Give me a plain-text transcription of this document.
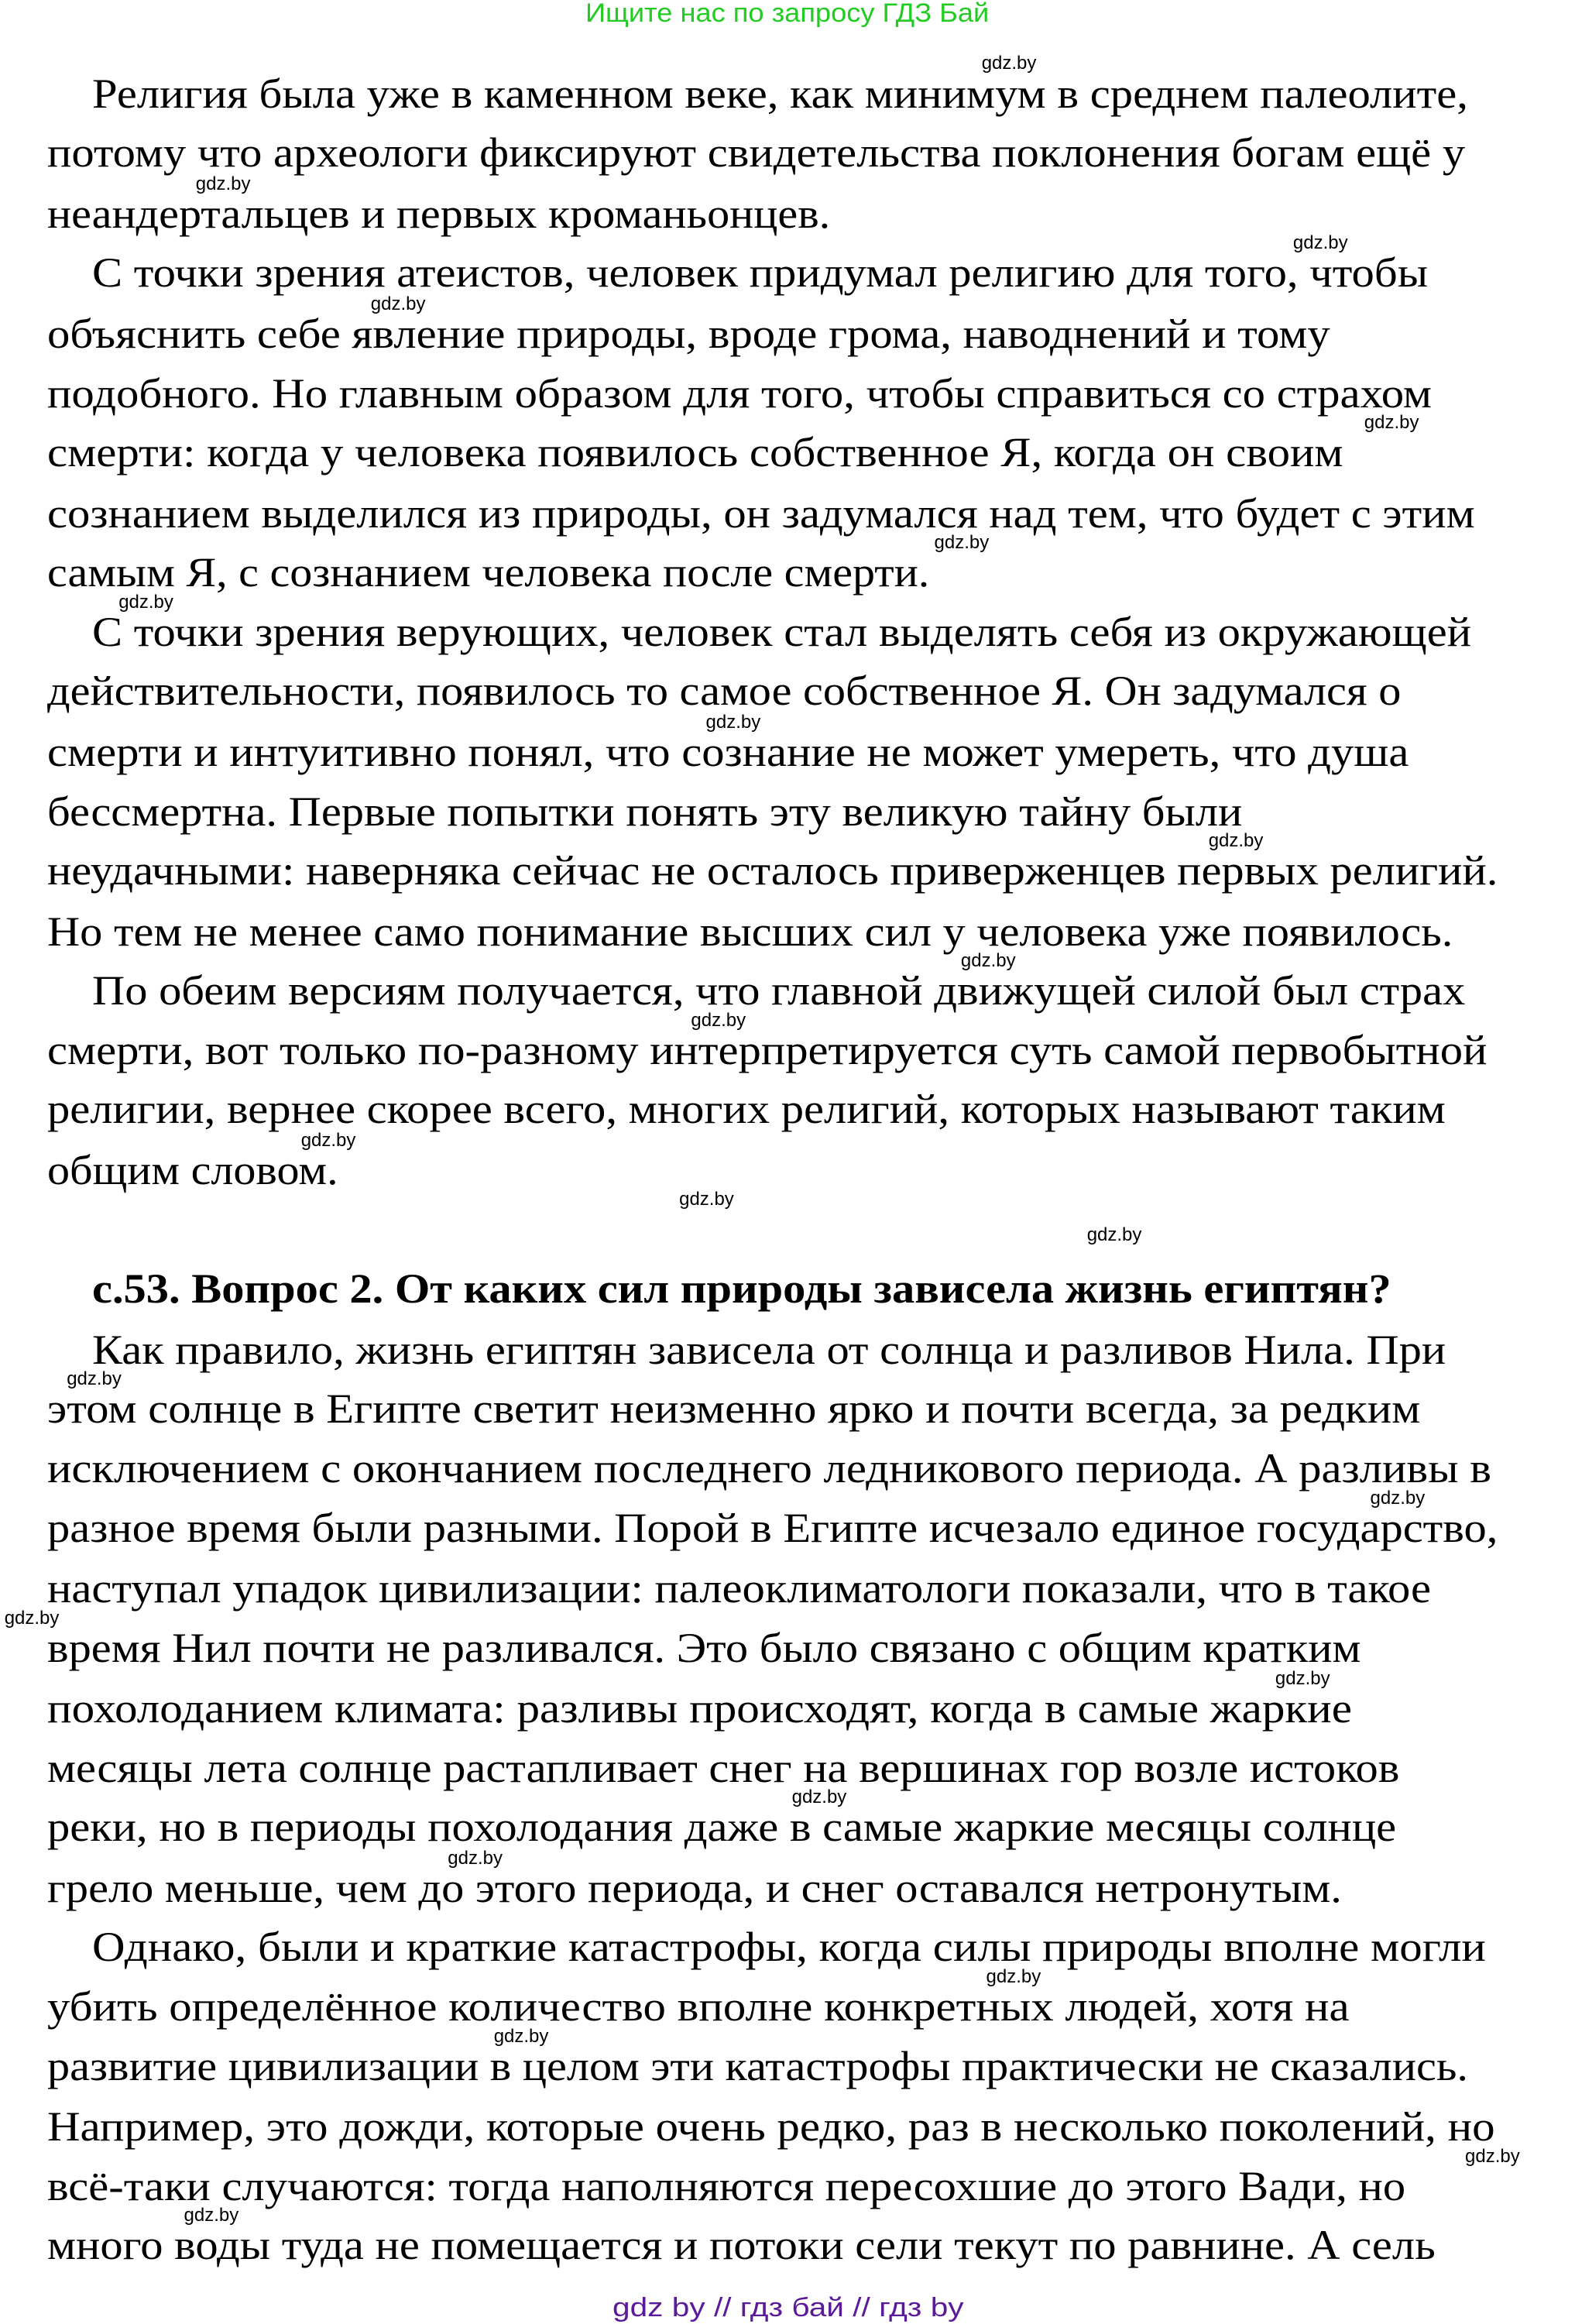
Религия была уже в каменном веке, как минимум в среднем палеолите,
потому что археологи фиксируют свидетельства поклонения богам ещё у
неандертальцев и первых кроманьонцев.
С точки зрения атеистов, человек придумал религию для того, чтобы
объяснить себе явление природы, вроде грома, наводнений и тому
подобного. Но главным образом для того, чтобы справиться со страхом
смерти: когда у человека появилось собственное Я, когда он своим
сознанием выделился из природы, он задумался над тем, что будет с этим
самым Я, с сознанием человека после смерти.
С точки зрения верующих, человек стал выделять себя из окружающей
действительности, появилось то самое собственное Я. Он задумался о
смерти и интуитивно понял, что сознание не может умереть, что душа
бессмертна. Первые попытки понять эту великую тайну были
неудачными: наверняка сейчас не осталось приверженцев первых религий.
Но тем не менее само понимание высших сил у человека уже появилось.
По обеим версиям получается, что главной движущей силой был страх
смерти, вот только по-разному интерпретируется суть самой первобытной
религии, вернее скорее всего, многих религий, которых называют таким
общим словом.
Как правило, жизнь египтян зависела от солнца и разливов Нила. При
этом солнце в Египте светит неизменно ярко и почти всегда, за редким
исключением с окончанием последнего ледникового периода. А разливы в
разное время были разными. Порой в Египте исчезало единое государство,
наступал упадок цивилизации: палеоклиматологи показали, что в такое
время Нил почти не разливался. Это было связано с общим кратким
похолоданием климата: разливы происходят, когда в самые жаркие
месяцы лета солнце растапливает снег на вершинах гор возле истоков
реки, но в периоды похолодания даже в самые жаркие месяцы солнце
грело меньше, чем до этого периода, и снег оставался нетронутым.
Однако, были и краткие катастрофы, когда силы природы вполне могли
убить определённое количество вполне конкретных людей, хотя на
развитие цивилизации в целом эти катастрофы практически не сказались.
Например, это дожди, которые очень редко, раз в несколько поколений, но
всё-таки случаются: тогда наполняются пересохшие до этого Вади, но
много воды туда не помещается и потоки сели текут по равнине. А сель
с.53. Вопрос 2. От каких сил природы зависела жизнь египтян?
Ищите нас по запросу ГДЗ Бай
gdz by // гдз бай // гдз by
gdz.by
gdz.by
gdz.by
gdz.by
gdz.by
gdz.by
gdz.by
gdz.by
gdz.by
gdz.by
gdz.by
gdz.by
gdz.by
gdz.by
gdz.by
gdz.by
gdz.by
gdz.by
gdz.by
gdz.by
gdz.by
gdz.by
gdz.by
gdz.by
